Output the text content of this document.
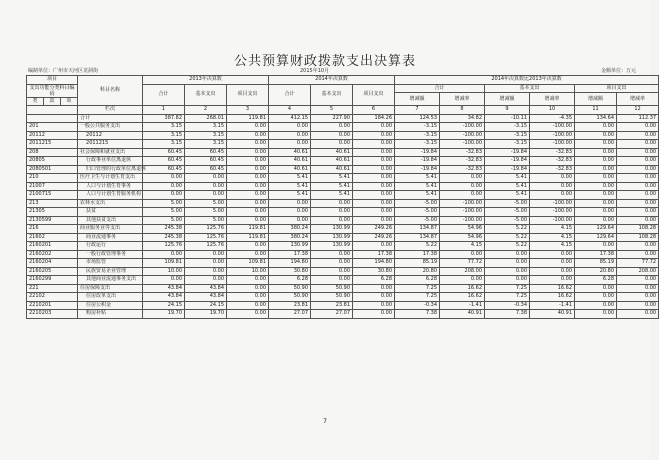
公共预算财政拨款支出决算表
编制单位：广州市天河区龙洞街	2015年10月	金额单位：万元
项目			科目名称	2013年决算数			2014年决算数			2014年决算数比2013年决算数					
支出功能分类科目编码				合计	基本支出	项目支出	合计	基本支出	项目支出	合计		基本支出		项目支出	
										增减额	增减率	增减额	增减率	增减额	增减率
类	款	项													
			栏次	1	2	3	4	5	6	7	8	9	10	11	12
			合计	387.82	268.01	119.81	412.15	227.90	184.26	124.53	34.82	-10.11	-4.35	134.64	112.37
201			一般公共服务支出	3.15	3.15	0.00	0.00	0.00	0.00	-3.15	-100.00	-3.15	-100.00	0.00	0.00
20112			20112	3.15	3.15	0.00	0.00	0.00	0.00	-3.15	-100.00	-3.15	-100.00	0.00	0.00
2011215			2011215	3.15	3.15	0.00	0.00	0.00	0.00	-3.15	-100.00	-3.15	-100.00	0.00	0.00
208			社会保障和就业支出	60.45	60.45	0.00	40.61	40.61	0.00	-19.84	-32.83	-19.84	-32.83	0.00	0.00
20805			行政事业单位离退休	60.45	60.45	0.00	40.61	40.61	0.00	-19.84	-32.83	-19.84	-32.83	0.00	0.00
2080501			归口管理的行政单位离退休	60.45	60.45	0.00	40.61	40.61	0.00	-19.84	-32.83	-19.84	-32.83	0.00	0.00
210			医疗卫生与计划生育支出	0.00	0.00	0.00	5.41	5.41	0.00	5.41	0.00	5.41	0.00	0.00	0.00
21007			人口与计划生育事务	0.00	0.00	0.00	5.41	5.41	0.00	5.41	0.00	5.41	0.00	0.00	0.00
2100715			人口与计划生育服务机构	0.00	0.00	0.00	5.41	5.41	0.00	5.41	0.00	5.41	0.00	0.00	0.00
213			农林水支出	5.00	5.00	0.00	0.00	0.00	0.00	-5.00	-100.00	-5.00	-100.00	0.00	0.00
21305			扶贫	5.00	5.00	0.00	0.00	0.00	0.00	-5.00	-100.00	-5.00	-100.00	0.00	0.00
2130599			其他扶贫支出	5.00	5.00	0.00	0.00	0.00	0.00	-5.00	-100.00	-5.00	-100.00	0.00	0.00
216			商业服务业等支出	245.38	125.76	119.81	380.24	130.99	249.26	134.87	54.96	5.22	4.15	129.64	108.28
21602			商业流通事务	245.38	125.76	119.81	380.24	130.99	249.26	134.87	54.96	5.22	4.15	129.64	108.28
2160201			行政运行	125.76	125.76	0.00	130.99	130.99	0.00	5.22	4.15	5.22	4.15	0.00	0.00
2160202			一般行政管理事务	0.00	0.00	0.00	17.38	0.00	17.38	17.38	0.00	0.00	0.00	17.38	0.00
2160204			市场监管	109.81	0.00	109.81	194.80	0.00	194.80	85.19	77.72	0.00	0.00	85.19	77.72
2160205			民族贸易企业管理	10.00	0.00	10.00	30.80	0.00	30.80	20.80	208.00	0.00	0.00	20.80	208.00
2160299			其他商业流通事务支出	0.00	0.00	0.00	6.28	0.00	6.28	6.28	0.00	0.00	0.00	6.28	0.00
221			住房保障支出	43.84	43.84	0.00	50.90	50.90	0.00	7.25	16.62	7.25	16.62	0.00	0.00
22102			住房改革支出	43.84	43.84	0.00	50.90	50.90	0.00	7.25	16.62	7.25	16.62	0.00	0.00
2210201			住房公积金	24.15	24.15	0.00	23.81	23.81	0.00	-0.34	-1.41	-0.34	-1.41	0.00	0.00
2210203			购房补贴	19.70	19.70	0.00	27.07	27.07	0.00	7.38	40.91	7.38	40.91	0.00	0.00
7
